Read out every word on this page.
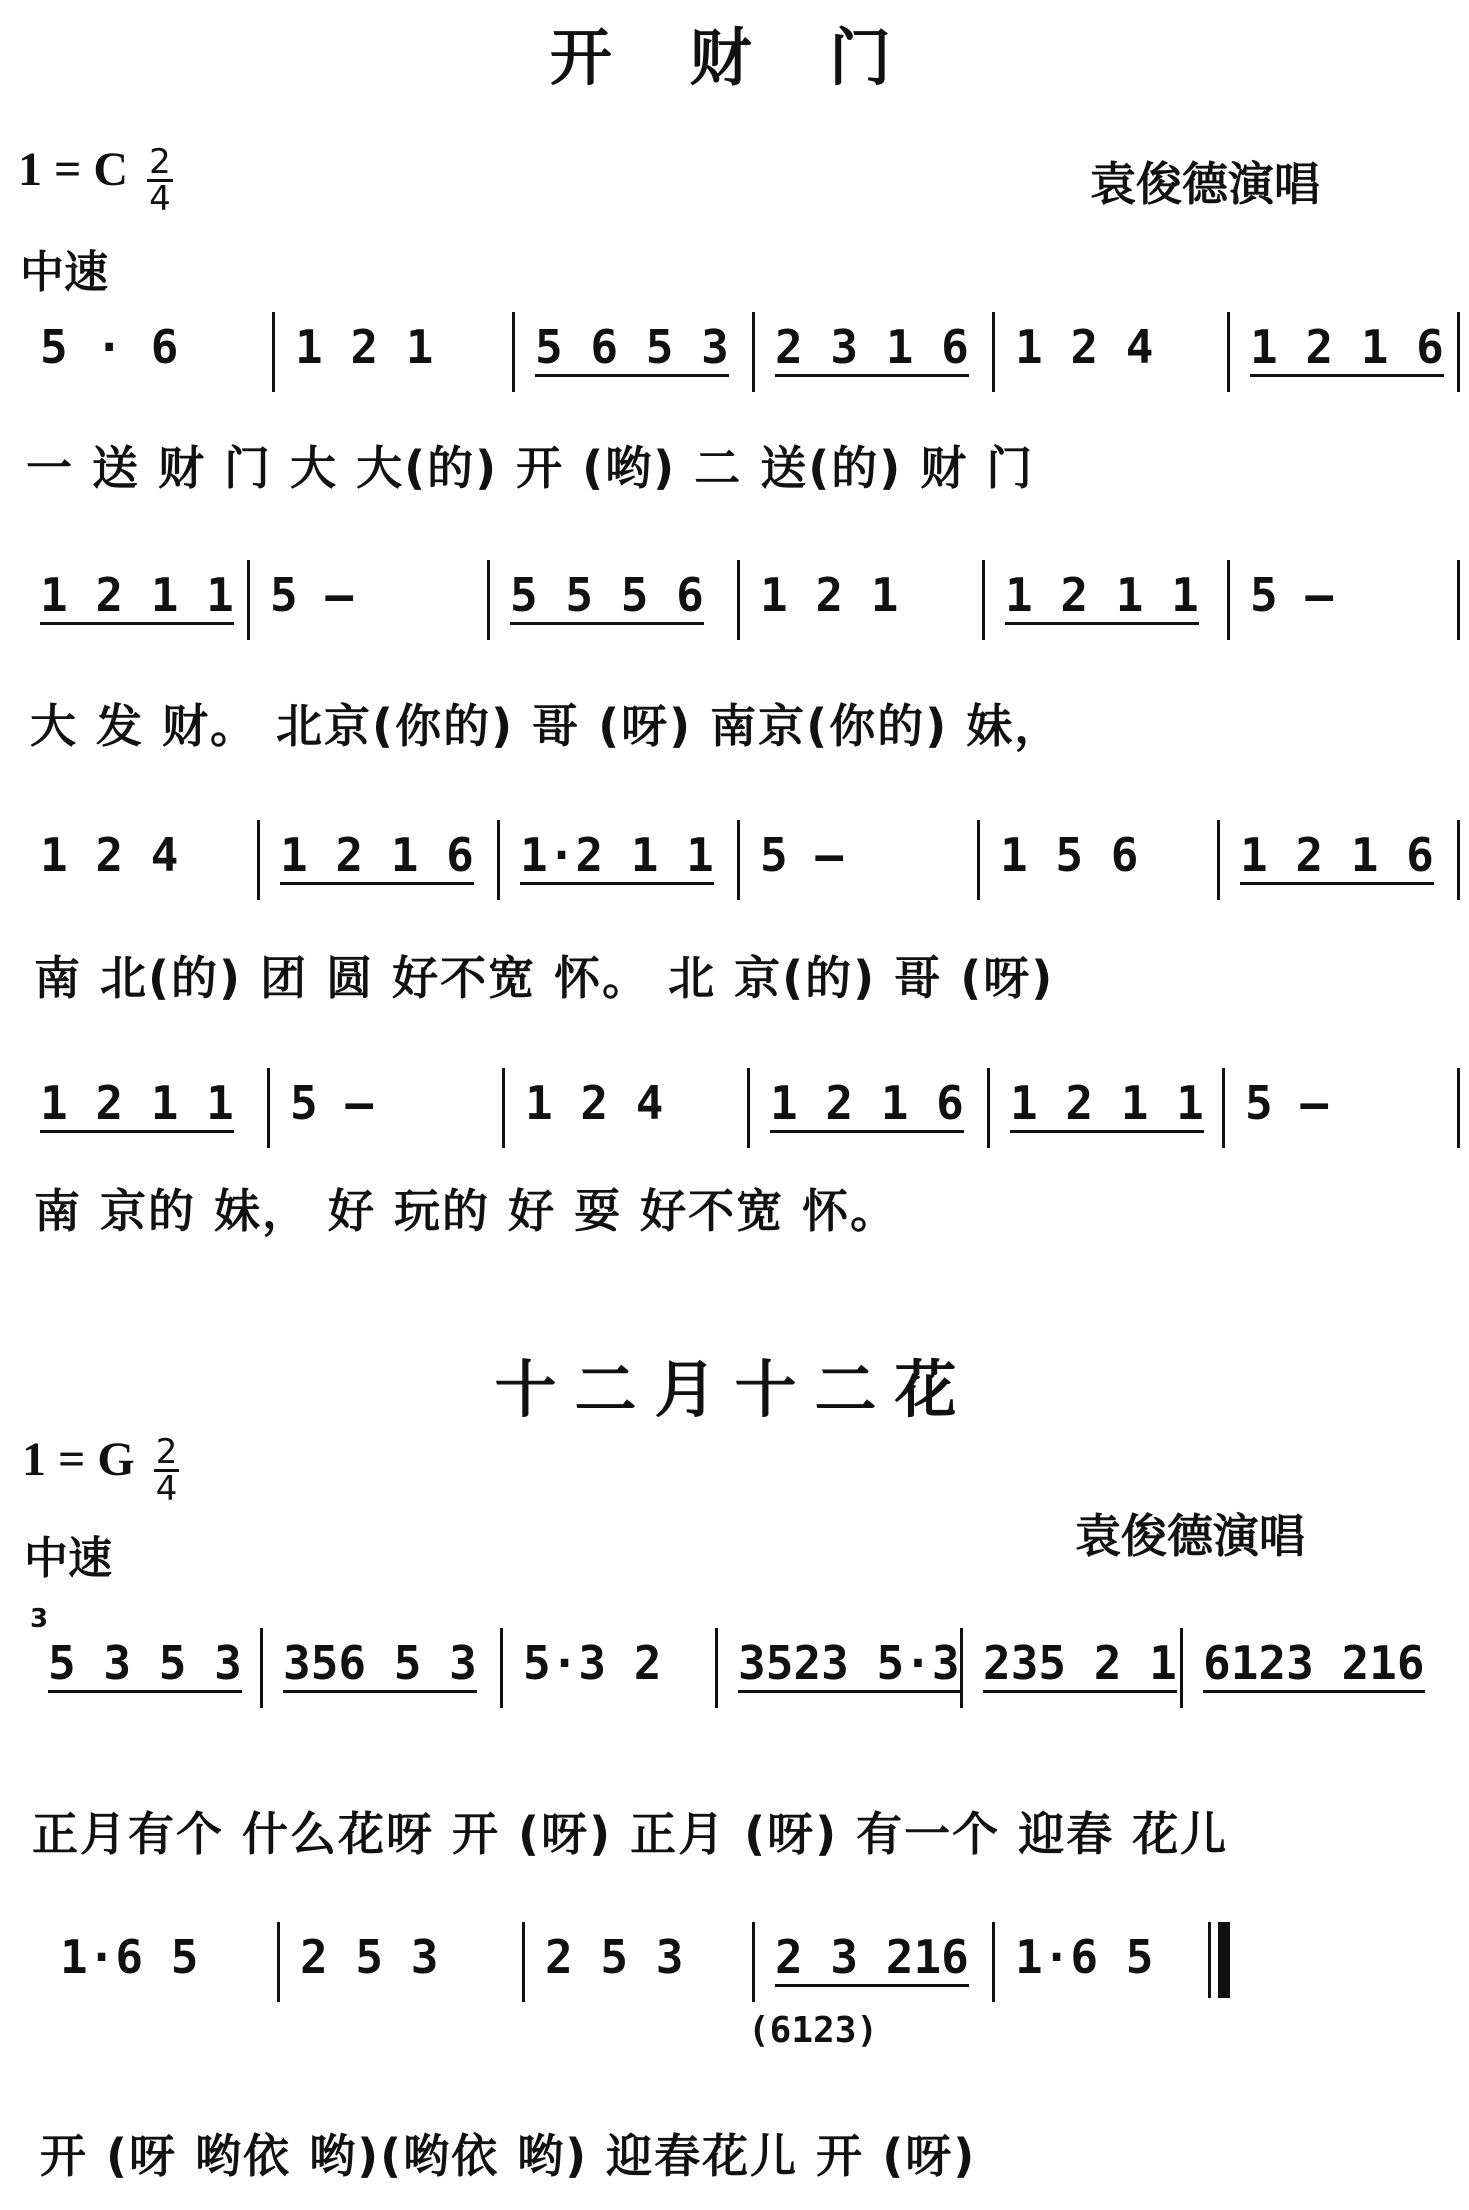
开 财 门
1 = C $\frac{2}{4}$	袁俊德演唱
中速
5 · 6	1 2 1 5 6 5 3 2 3 1 6 1 2 4 1 2 1 6
一 送 财 门 大 大(的) 开 (哟) 二 送(的) 财 门
1 2 1 1 5 —	5 5 5 6 1 2 1 1 2 1 1 5 —
大 发 财。 北京(你的) 哥 (呀) 南京(你的) 妹，
1 2 4 1 2 1 6 1·2 1 1 5 —	1 5 6 1 2 1 6
南 北(的) 团 圆 好不宽 怀。 北 京(的) 哥 (呀)
1 2 1 1 5 —	1 2 4 1 2 1 6 1 2 1 1 5 —
南 京的 妹， 好 玩的 好 耍 好不宽 怀。
十二月十二花
1 = G $\frac{2}{4}$
袁俊德演唱
中速
3
5 3 5 3 356 5 3 5·3 2 3523 5·3 235 2 1 6123 216
正月有个 什么花呀 开 (呀) 正月 (呀) 有一个 迎春 花儿
1·6 5 2 5 3 2 5 3 2 3 216 1·6 5
(6123)
开 (呀 哟依 哟)(哟依 哟) 迎春花儿 开 (呀)
